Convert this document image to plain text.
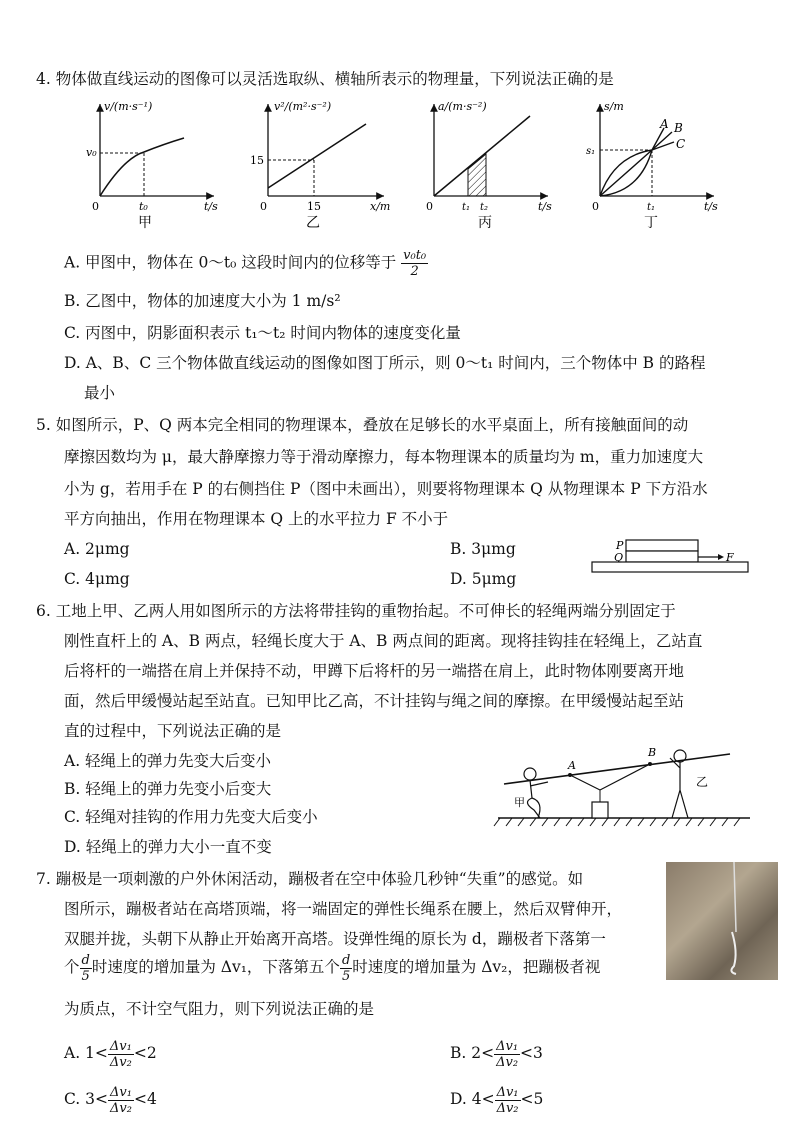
4. 物体做直线运动的图像可以灵活选取纵、横轴所表示的物理量，下列说法正确的是
v/(m·s⁻¹)
v₀
0	t₀	t/s
甲
v²/(m²·s⁻²)
15
0	15	x/m
乙
a/(m·s⁻²)
0	t₁ t₂	t/s
丙
s/m
s₁
A B
C
0	t₁	t/s
丁
A. 甲图中，物体在 0～t₀ 这段时间内的位移等于 $\frac{\text{v₀t₀}}{2}$
B. 乙图中，物体的加速度大小为 1 m/s²
C. 丙图中，阴影面积表示 t₁～t₂ 时间内物体的速度变化量
D. A、B、C 三个物体做直线运动的图像如图丁所示，则 0～t₁ 时间内，三个物体中 B 的路程
最小
5. 如图所示，P、Q 两本完全相同的物理课本，叠放在足够长的水平桌面上，所有接触面间的动
摩擦因数均为 μ，最大静摩擦力等于滑动摩擦力，每本物理课本的质量均为 m，重力加速度大
小为 g，若用手在 P 的右侧挡住 P（图中未画出），则要将物理课本 Q 从物理课本 P 下方沿水
平方向抽出，作用在物理课本 Q 上的水平拉力 F 不小于
A. 2μmg	B. 3μmg
C. 4μmg	D. 5μmg
P
Q	F
6. 工地上甲、乙两人用如图所示的方法将带挂钩的重物抬起。不可伸长的轻绳两端分别固定于
刚性直杆上的 A、B 两点，轻绳长度大于 A、B 两点间的距离。现将挂钩挂在轻绳上，乙站直
后将杆的一端搭在肩上并保持不动，甲蹲下后将杆的另一端搭在肩上，此时物体刚要离开地
面，然后甲缓慢站起至站直。已知甲比乙高，不计挂钩与绳之间的摩擦。在甲缓慢站起至站
直的过程中，下列说法正确的是
A. 轻绳上的弹力先变大后变小
B. 轻绳上的弹力先变小后变大
C. 轻绳对挂钩的作用力先变大后变小
D. 轻绳上的弹力大小一直不变
A
B
甲
乙
7. 蹦极是一项刺激的户外休闲活动，蹦极者在空中体验几秒钟“失重”的感觉。如
图所示，蹦极者站在高塔顶端，将一端固定的弹性长绳系在腰上，然后双臂伸开，
双腿并拢，头朝下从静止开始离开高塔。设弹性绳的原长为 d，蹦极者下落第一
个 $\frac{d}{5}$ 时速度的增加量为 Δv₁，下落第五个 $\frac{d}{5}$ 时速度的增加量为 Δv₂，把蹦极者视
为质点，不计空气阻力，则下列说法正确的是
A. $1< \frac{\text{Δv₁}}{\text{Δv₂}} <2$	B. $2< \frac{\text{Δv₁}}{\text{Δv₂}} <3$
C. $3< \frac{\text{Δv₁}}{\text{Δv₂}} <4$	D. $4< \frac{\text{Δv₁}}{\text{Δv₂}} <5$
